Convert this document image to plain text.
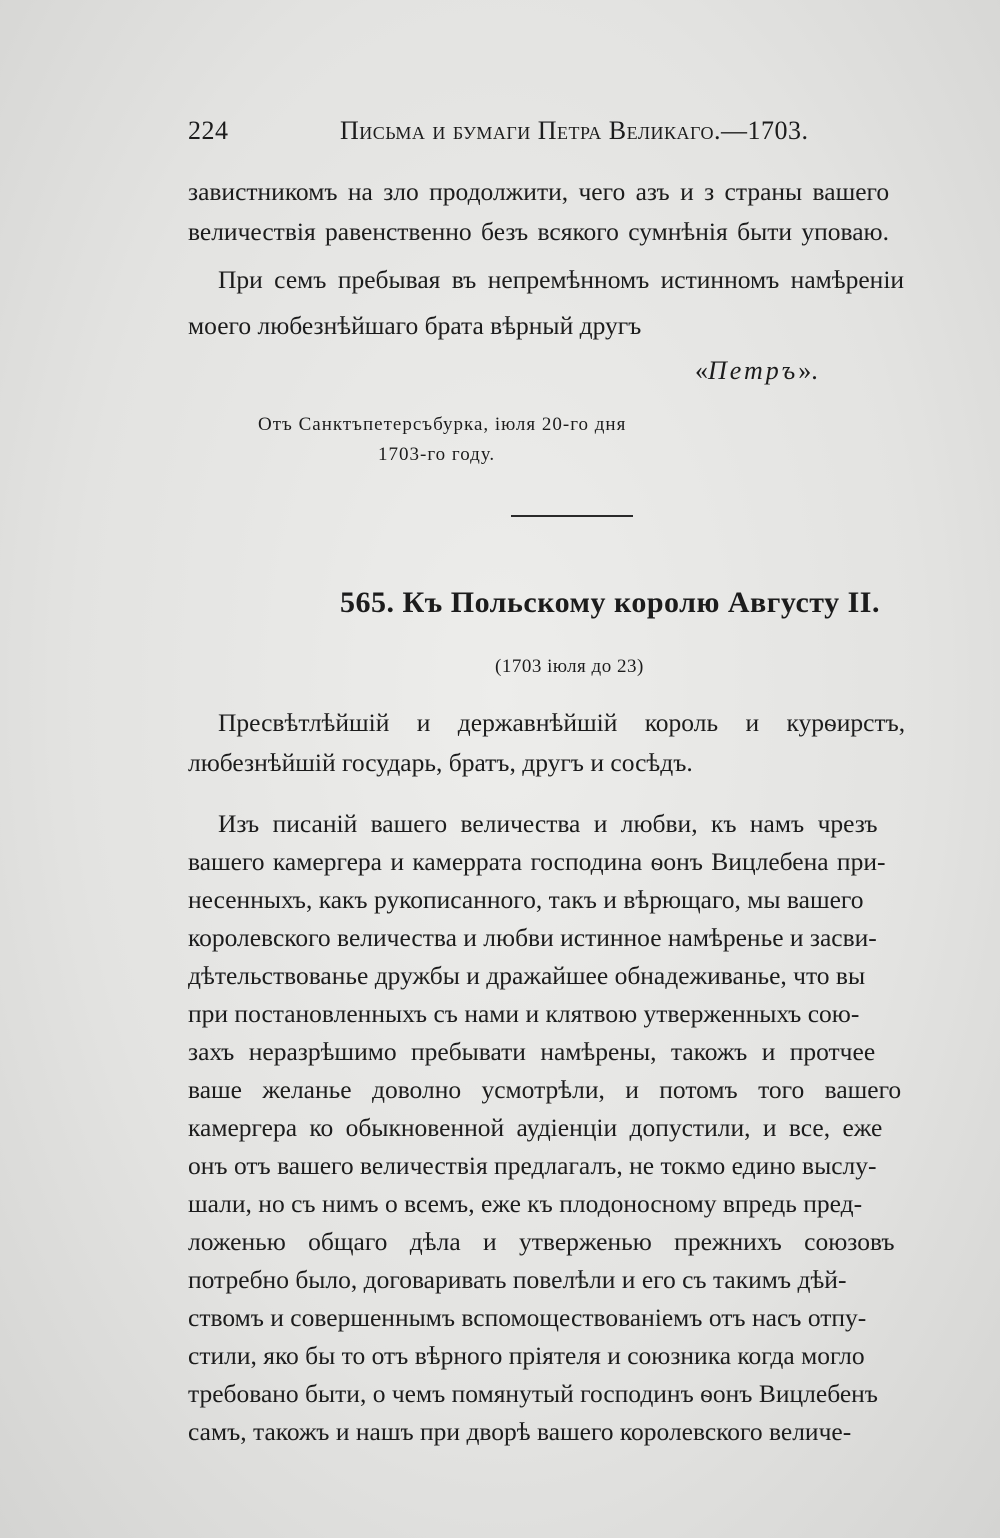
224	Письма и бумаги Петра Великаго.—1703.
завистникомъ на зло продолжити, чего азъ и з страны вашего
величествія равенственно безъ всякого сумнѣнія быти уповаю.
При семъ пребывая въ непремѣнномъ истинномъ намѣреніи
моего любезнѣйшаго брата вѣрный другъ
«Петръ».
Отъ Санктъпетерсъбурка, іюля 20-го дня
1703-го году.
565. Къ Польскому королю Августу II.
(1703 іюля до 23)
Пресвѣтлѣйшій и державнѣйшій король и курѳирстъ,
любезнѣйшій государь, братъ, другъ и сосѣдъ.
Изъ писаній вашего величества и любви, къ намъ чрезъ
вашего камергера и камеррата господина ѳонъ Вицлебена при-
несенныхъ, какъ рукописанного, такъ и вѣрющаго, мы вашего
королевского величества и любви истинное намѣренье и засви-
дѣтельствованье дружбы и дражайшее обнадеживанье, что вы
при постановленныхъ съ нами и клятвою утверженныхъ сою-
захъ неразрѣшимо пребывати намѣрены, такожъ и протчее
ваше желанье доволно усмотрѣли, и потомъ того вашего
камергера ко обыкновенной аудіенціи допустили, и все, еже
онъ отъ вашего величествія предлагалъ, не токмо едино выслу-
шали, но съ нимъ о всемъ, еже къ плодоносному впредь пред-
ложенью общаго дѣла и утверженью прежнихъ союзовъ
потребно было, договаривать повелѣли и его съ такимъ дѣй-
ствомъ и совершеннымъ вспомоществованіемъ отъ насъ отпу-
стили, яко бы то отъ вѣрного пріятеля и союзника когда могло
требовано быти, о чемъ помянутый господинъ ѳонъ Вицлебенъ
самъ, такожъ и нашъ при дворѣ вашего королевского величе-
